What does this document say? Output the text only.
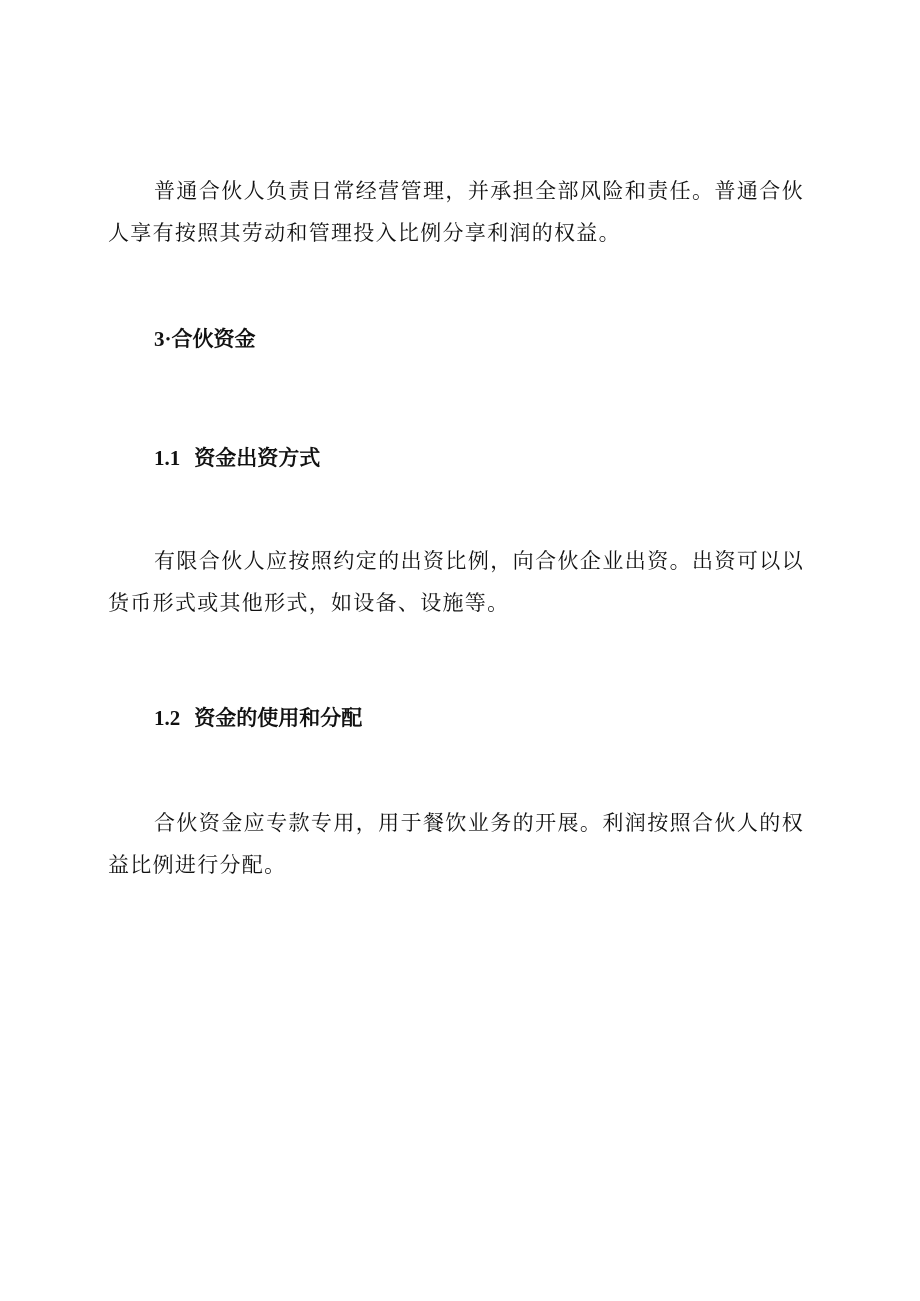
普通合伙人负责日常经营管理，并承担全部风险和责任。普通合伙人享有按照其劳动和管理投入比例分享利润的权益。

3·合伙资金
1.1 资金出资方式

有限合伙人应按照约定的出资比例，向合伙企业出资。出资可以以货币形式或其他形式，如设备、设施等。

1.2 资金的使用和分配

合伙资金应专款专用，用于餐饮业务的开展。利润按照合伙人的权益比例进行分配。
